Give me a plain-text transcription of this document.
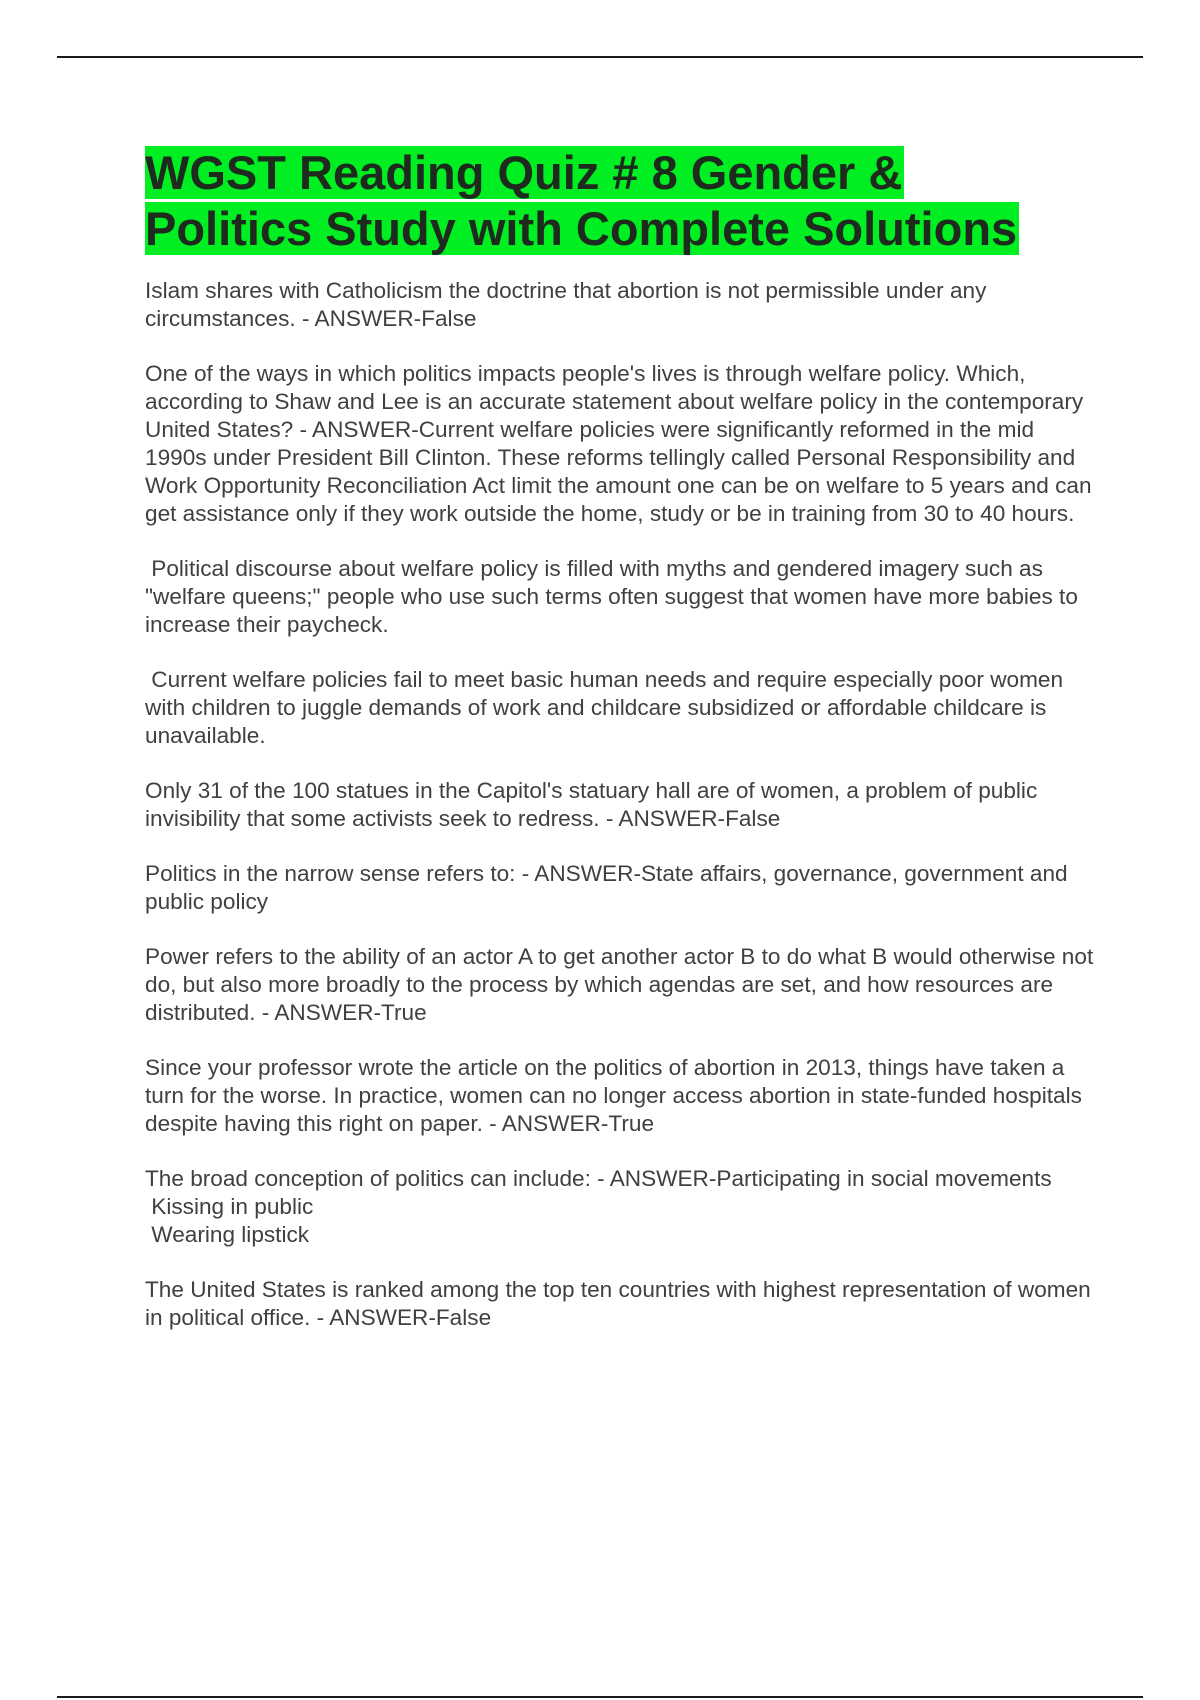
WGST Reading Quiz # 8 Gender &
Politics Study with Complete Solutions
Islam shares with Catholicism the doctrine that abortion is not permissible under any circumstances. - ANSWER-False
One of the ways in which politics impacts people's lives is through welfare policy. Which, according to Shaw and Lee is an accurate statement about welfare policy in the contemporary United States? - ANSWER-Current welfare policies were significantly reformed in the mid 1990s under President Bill Clinton. These reforms tellingly called Personal Responsibility and Work Opportunity Reconciliation Act limit the amount one can be on welfare to 5 years and can get assistance only if they work outside the home, study or be in training from 30 to 40 hours.
Political discourse about welfare policy is filled with myths and gendered imagery such as "welfare queens;" people who use such terms often suggest that women have more babies to increase their paycheck.
Current welfare policies fail to meet basic human needs and require especially poor women with children to juggle demands of work and childcare subsidized or affordable childcare is unavailable.
Only 31 of the 100 statues in the Capitol's statuary hall are of women, a problem of public invisibility that some activists seek to redress. - ANSWER-False
Politics in the narrow sense refers to: - ANSWER-State affairs, governance, government and public policy
Power refers to the ability of an actor A to get another actor B to do what B would otherwise not do, but also more broadly to the process by which agendas are set, and how resources are distributed. - ANSWER-True
Since your professor wrote the article on the politics of abortion in 2013, things have taken a turn for the worse. In practice, women can no longer access abortion in state-funded hospitals despite having this right on paper. - ANSWER-True
The broad conception of politics can include: - ANSWER-Participating in social movements
Kissing in public
Wearing lipstick
The United States is ranked among the top ten countries with highest representation of women in political office. - ANSWER-False
